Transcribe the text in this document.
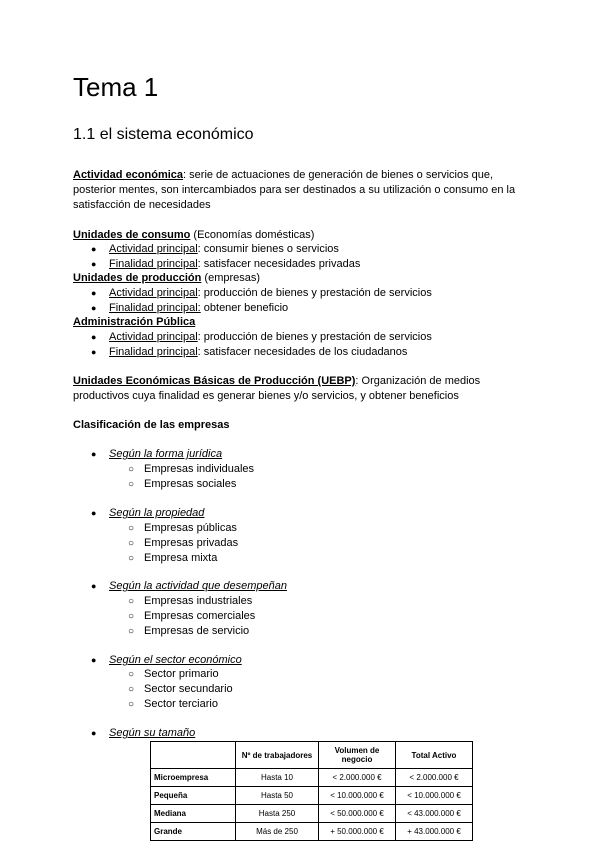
Tema 1
1.1 el sistema económico
Actividad económica: serie de actuaciones de generación de bienes o servicios que, posterior mentes, son intercambiados para ser destinados a su utilización o consumo en la satisfacción de necesidades
Unidades de consumo (Economías domésticas)
● Actividad principal: consumir bienes o servicios
● Finalidad principal: satisfacer necesidades privadas
Unidades de producción (empresas)
● Actividad principal: producción de bienes y prestación de servicios
● Finalidad principal: obtener beneficio
Administración Pública
● Actividad principal: producción de bienes y prestación de servicios
● Finalidad principal: satisfacer necesidades de los ciudadanos
Unidades Económicas Básicas de Producción (UEBP): Organización de medios productivos cuya finalidad es generar bienes y/o servicios, y obtener beneficios
Clasificación de las empresas
● Según la forma jurídica
○ Empresas individuales
○ Empresas sociales
● Según la propiedad
○ Empresas públicas
○ Empresas privadas
○ Empresa mixta
● Según la actividad que desempeñan
○ Empresas industriales
○ Empresas comerciales
○ Empresas de servicio
● Según el sector económico
○ Sector primario
○ Sector secundario
○ Sector terciario
● Según su tamaño
	Nº de trabajadores	Volumen de negocio	Total Activo
Microempresa	Hasta 10	< 2.000.000 €	< 2.000.000 €
Pequeña	Hasta 50	< 10.000.000 €	< 10.000.000 €
Mediana	Hasta 250	< 50.000.000 €	< 43.000.000 €
Grande	Más de 250	+ 50.000.000 €	+ 43.000.000 €
